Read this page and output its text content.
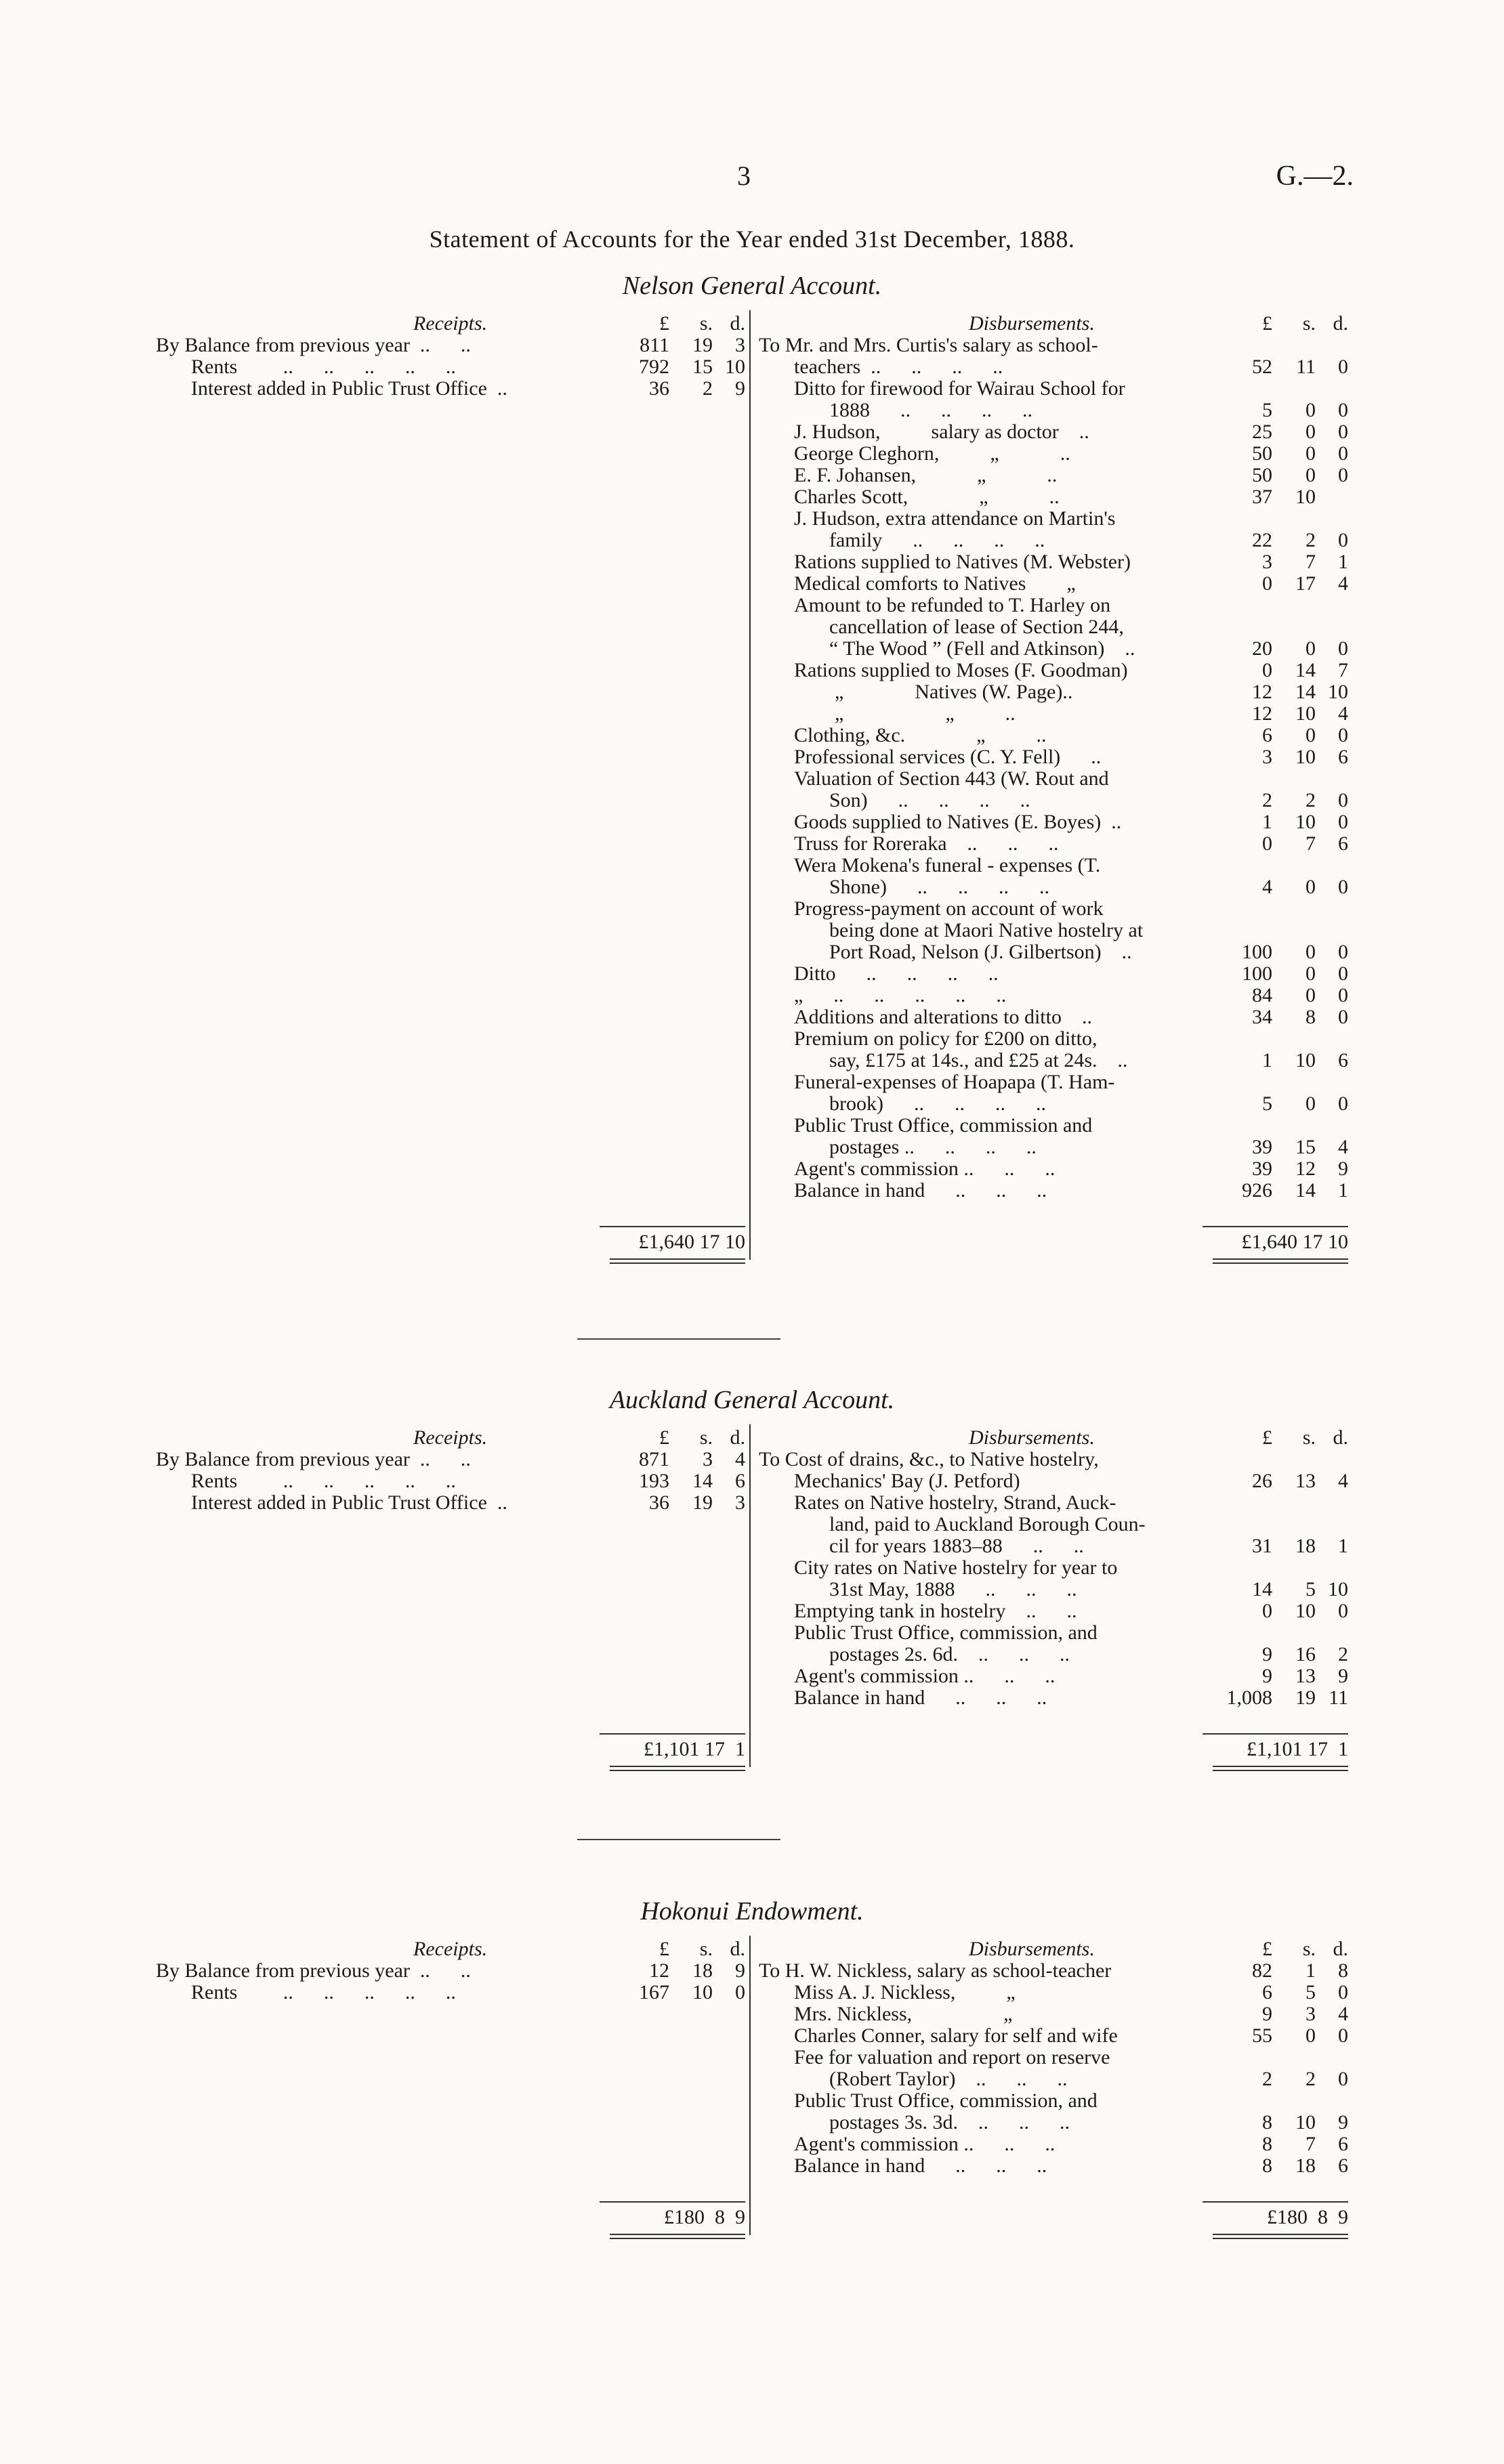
3	G.—2.
Statement of Accounts for the Year ended 31st December, 1888.
Nelson General Account.
Receipts.	£	s. d.
By Balance from previous year  ..      ..	811	19	3
Rents         ..      ..      ..      ..      ..	792	15 10
Interest added in Public Trust Office  ..	36	2	9
£1,640 17 10
Disbursements.	£	s. d.
To Mr. and Mrs. Curtis's salary as school-
teachers  ..      ..      ..      ..	52	11	0
Ditto for firewood for Wairau School for
1888      ..      ..      ..      ..	5	0	0
J. Hudson,          salary as doctor    ..	25	0	0
George Cleghorn,          „            ..	50	0	0
E. F. Johansen,            „            ..	50	0	0
Charles Scott,              „            ..	37	10
J. Hudson, extra attendance on Martin's
family      ..      ..      ..      ..	22	2	0
Rations supplied to Natives (M. Webster)	3	7	1
Medical comforts to Natives        „	0	17	4
Amount to be refunded to T. Harley on
cancellation of lease of Section 244,
“ The Wood ” (Fell and Atkinson)    ..	20	0	0
Rations supplied to Moses (F. Goodman)	0	14	7
„              Natives (W. Page)..	12	14 10
„                    „          ..	12	10	4
Clothing, &c.              „          ..	6	0	0
Professional services (C. Y. Fell)      ..	3	10	6
Valuation of Section 443 (W. Rout and
Son)      ..      ..      ..      ..	2	2	0
Goods supplied to Natives (E. Boyes)  ..	1	10	0
Truss for Roreraka    ..      ..      ..	0	7	6
Wera Mokena's funeral - expenses (T.
Shone)      ..      ..      ..      ..	4	0	0
Progress-payment on account of work
being done at Maori Native hostelry at
Port Road, Nelson (J. Gilbertson)    ..	100	0	0
Ditto      ..      ..      ..      ..	100	0	0
„      ..      ..      ..      ..      ..	84	0	0
Additions and alterations to ditto    ..	34	8	0
Premium on policy for £200 on ditto,
say, £175 at 14s., and £25 at 24s.    ..	1	10	6
Funeral-expenses of Hoapapa (T. Ham-
brook)      ..      ..      ..      ..	5	0	0
Public Trust Office, commission and
postages ..      ..      ..      ..	39	15	4
Agent's commission ..      ..      ..	39	12	9
Balance in hand      ..      ..      ..	926	14	1
£1,640 17 10
Auckland General Account.
Receipts.	£	s. d.
By Balance from previous year  ..      ..	871	3	4
Rents         ..      ..      ..      ..      ..	193	14	6
Interest added in Public Trust Office  ..	36	19	3
£1,101 17  1
Disbursements.	£	s. d.
To Cost of drains, &c., to Native hostelry,
Mechanics' Bay (J. Petford)	26	13	4
Rates on Native hostelry, Strand, Auck-
land, paid to Auckland Borough Coun-
cil for years 1883–88      ..      ..	31	18	1
City rates on Native hostelry for year to
31st May, 1888      ..      ..      ..	14	5 10
Emptying tank in hostelry    ..      ..	0	10	0
Public Trust Office, commission, and
postages 2s. 6d.    ..      ..      ..	9	16	2
Agent's commission ..      ..      ..	9	13	9
Balance in hand      ..      ..      ..	1,008	19 11
£1,101 17  1
Hokonui Endowment.
Receipts.	£	s. d.
By Balance from previous year  ..      ..	12	18	9
Rents         ..      ..      ..      ..      ..	167	10	0
£180  8  9
Disbursements.	£	s. d.
To H. W. Nickless, salary as school-teacher	82	1	8
Miss A. J. Nickless,          „	6	5	0
Mrs. Nickless,                  „	9	3	4
Charles Conner, salary for self and wife	55	0	0
Fee for valuation and report on reserve
(Robert Taylor)    ..      ..      ..	2	2	0
Public Trust Office, commission, and
postages 3s. 3d.    ..      ..      ..	8	10	9
Agent's commission ..      ..      ..	8	7	6
Balance in hand      ..      ..      ..	8	18	6
£180  8  9
